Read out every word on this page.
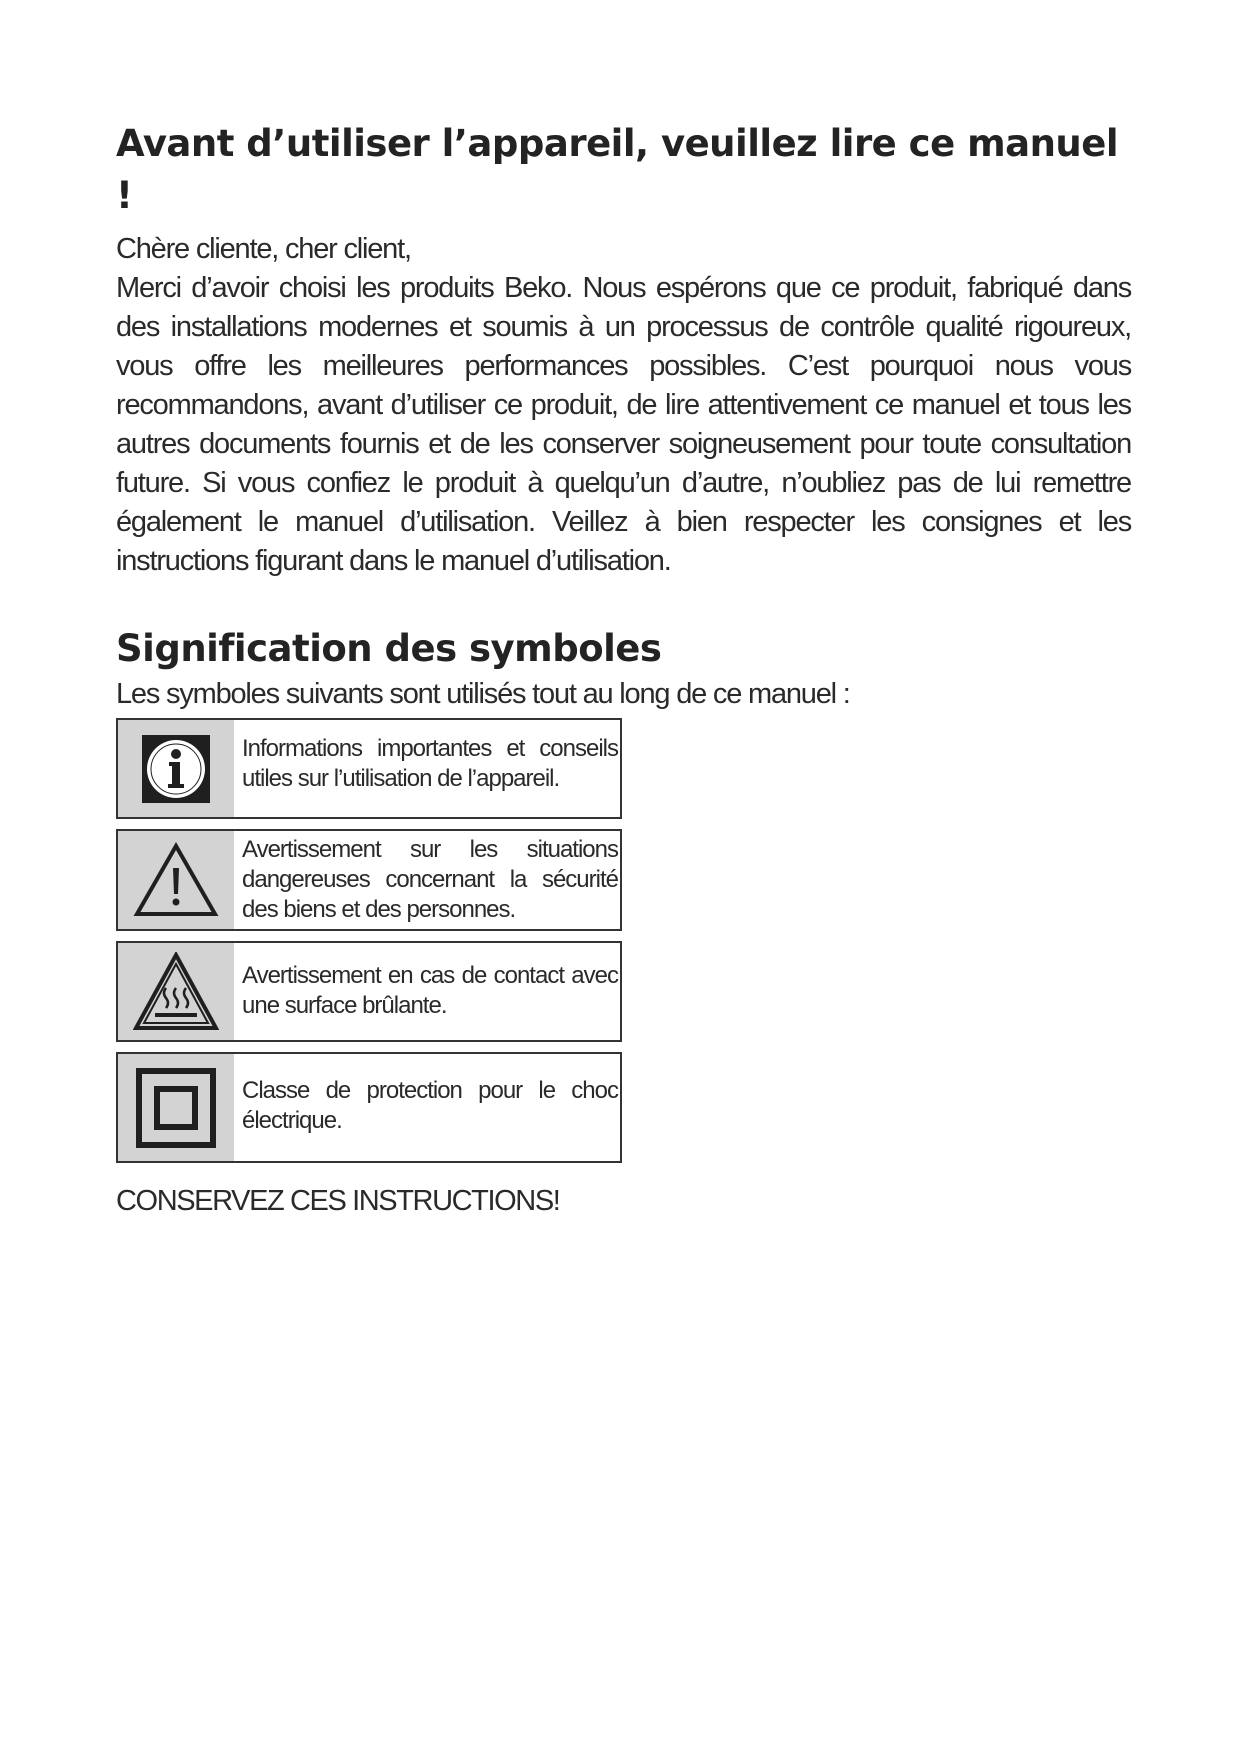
Avant d’utiliser l’appareil, veuillez lire ce manuel !

Chère cliente, cher client,

Merci d’avoir choisi les produits Beko. Nous espérons que ce produit, fabriqué dans des installations modernes et soumis à un processus de contrôle qualité rigoureux, vous offre les meilleures performances possibles. C’est pourquoi nous vous recommandons, avant d’utiliser ce produit, de lire attentivement ce manuel et tous les autres documents fournis et de les conserver soigneusement pour toute consultation future. Si vous confiez le produit à quelqu’un d’autre, n’oubliez pas de lui remettre également le manuel d’utilisation. Veillez à bien respecter les consignes et les instructions figurant dans le manuel d’utilisation.

Signification des symboles

Les symboles suivants sont utilisés tout au long de ce manuel :

Informations importantes et conseils utiles sur l’utilisation de l’appareil.
Avertissement sur les situations dangereuses concernant la sécurité des biens et des personnes.
Avertissement en cas de contact avec une surface brûlante.
Classe de protection pour le choc électrique.
CONSERVEZ CES INSTRUCTIONS!
